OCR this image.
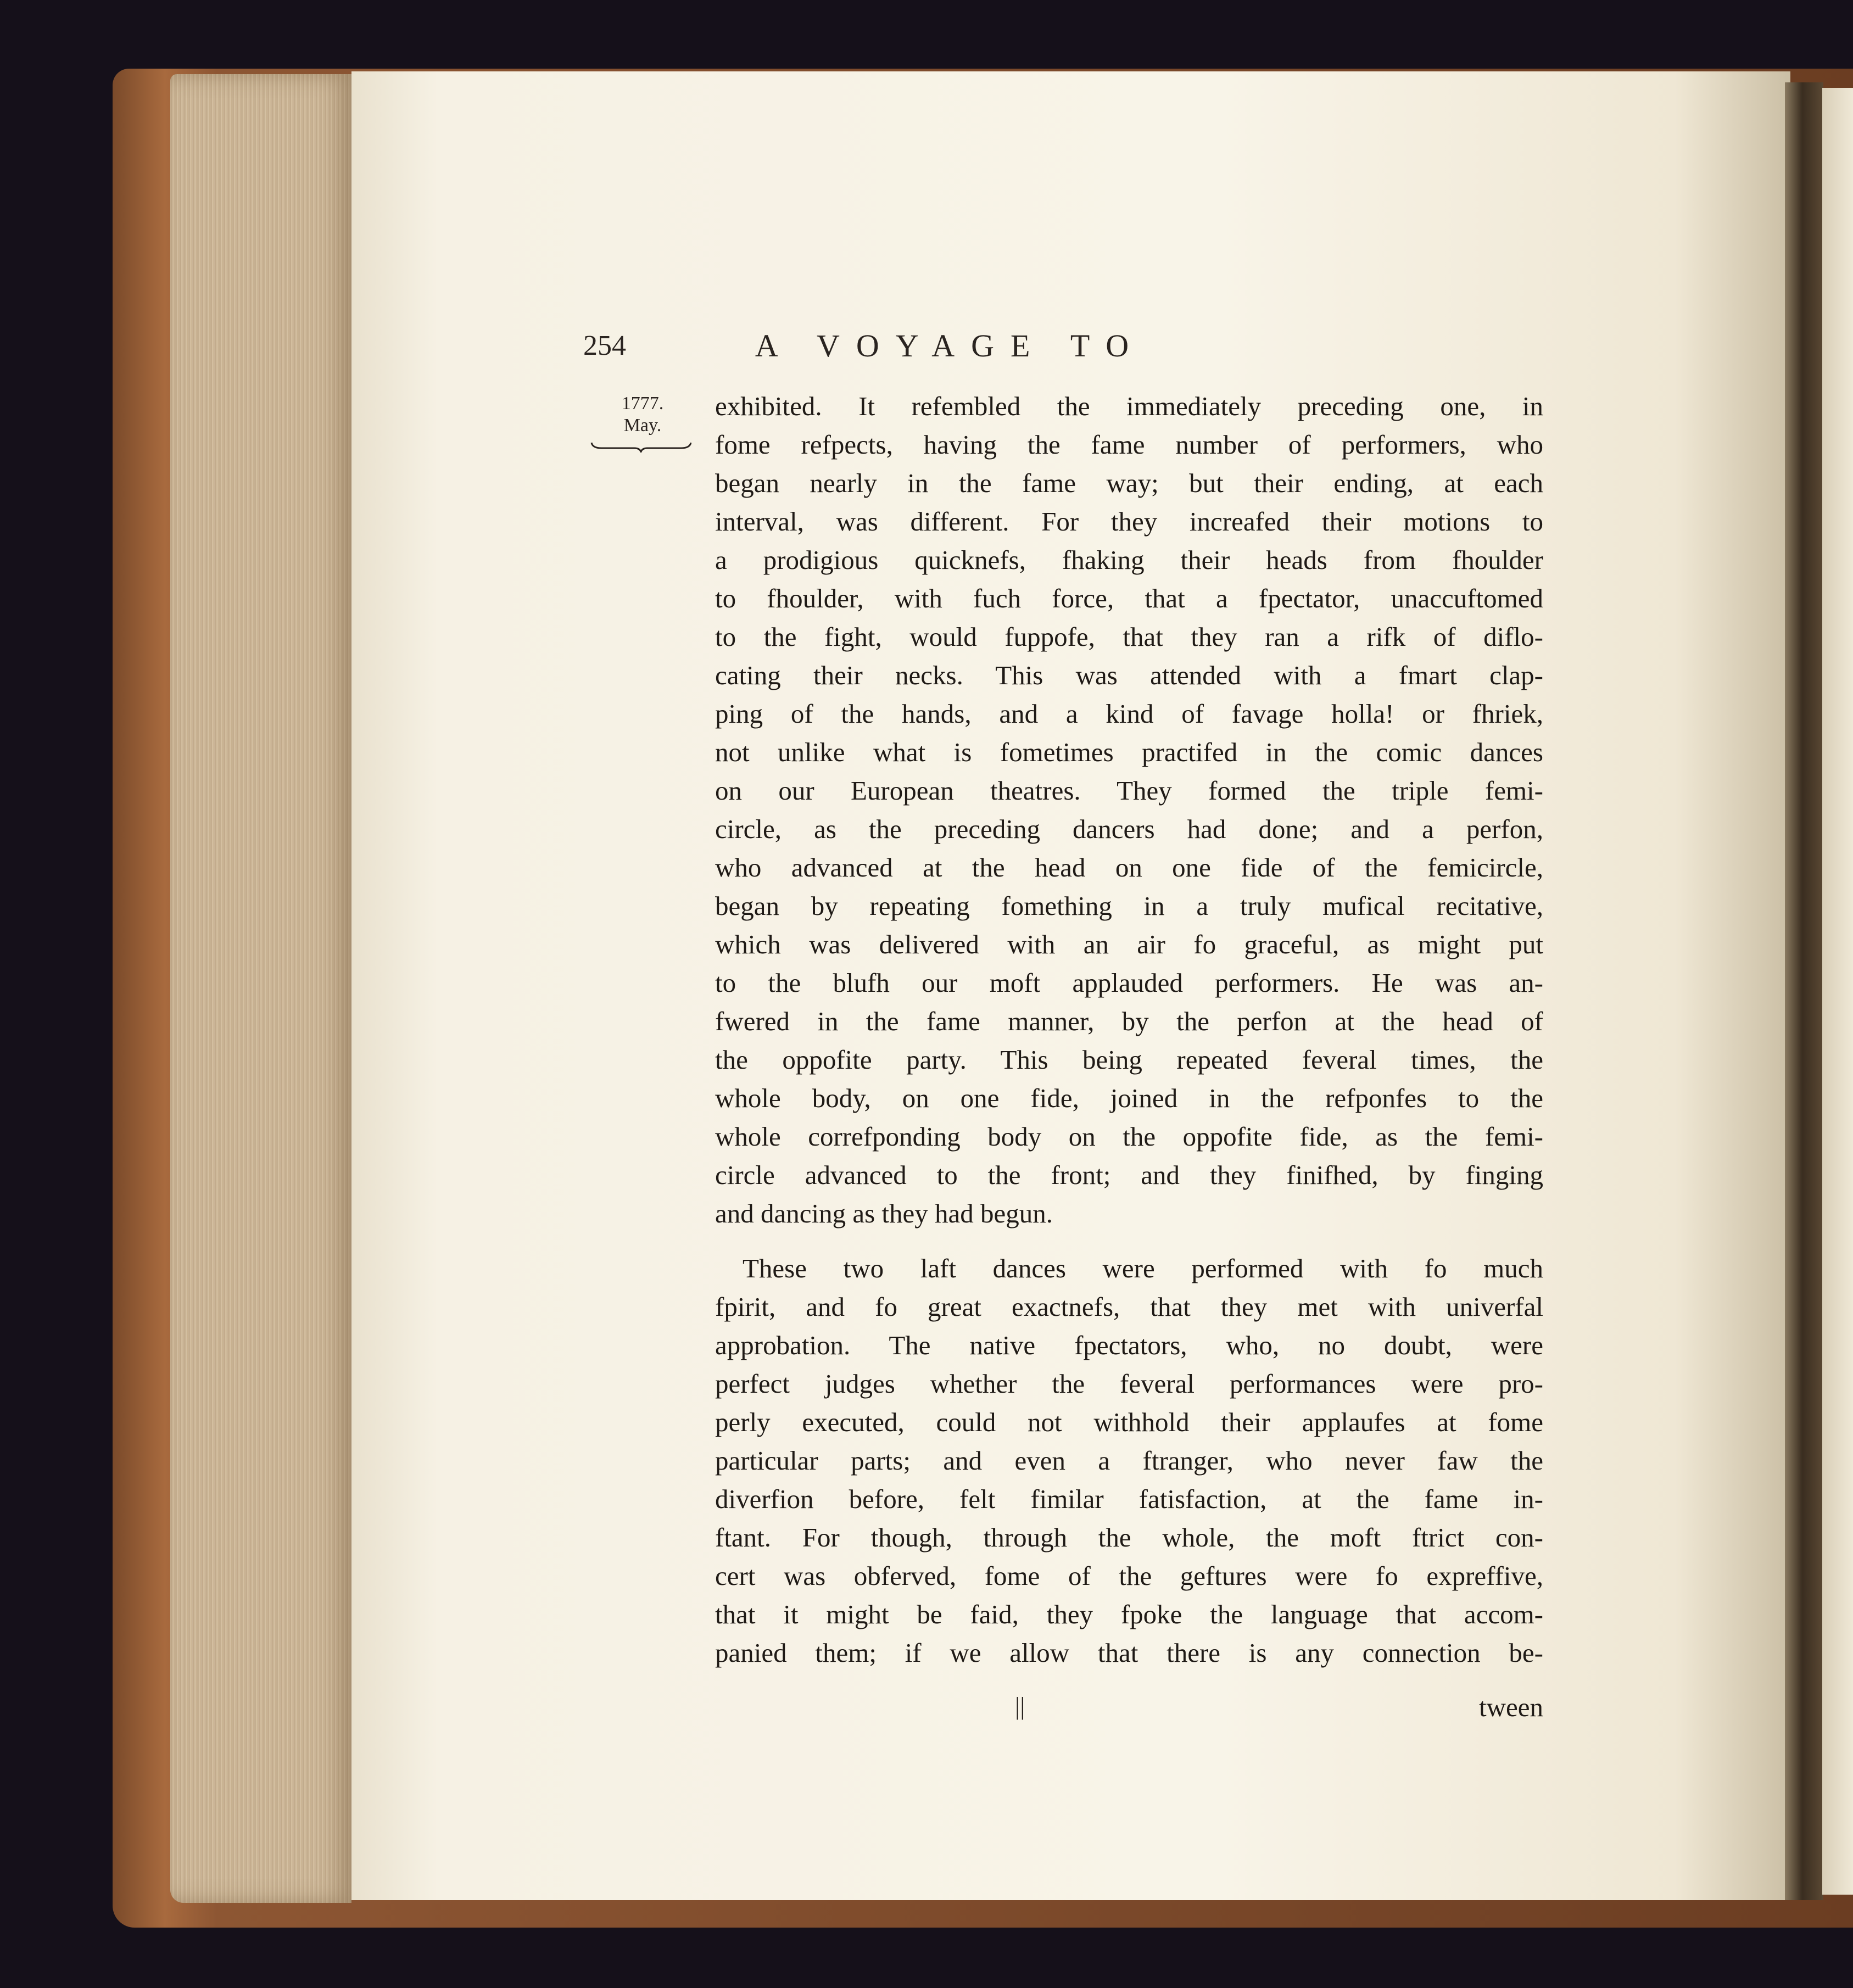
254	A VOYAGE TO
1777.
May.
exhibited. It refembled the immediately preceding one, in
fome refpects, having the fame number of performers, who
began nearly in the fame way; but their ending, at each
interval, was different. For they increafed their motions to
a prodigious quicknefs, fhaking their heads from fhoulder
to fhoulder, with fuch force, that a fpectator, unaccuftomed
to the fight, would fuppofe, that they ran a rifk of diflo-
cating their necks. This was attended with a fmart clap-
ping of the hands, and a kind of favage holla! or fhriek,
not unlike what is fometimes practifed in the comic dances
on our European theatres. They formed the triple femi-
circle, as the preceding dancers had done; and a perfon,
who advanced at the head on one fide of the femicircle,
began by repeating fomething in a truly mufical recitative,
which was delivered with an air fo graceful, as might put
to the blufh our moft applauded performers. He was an-
fwered in the fame manner, by the perfon at the head of
the oppofite party. This being repeated feveral times, the
whole body, on one fide, joined in the refponfes to the
whole correfponding body on the oppofite fide, as the femi-
circle advanced to the front; and they finifhed, by finging
and dancing as they had begun.
These two laft dances were performed with fo much
fpirit, and fo great exactnefs, that they met with univerfal
approbation. The native fpectators, who, no doubt, were
perfect judges whether the feveral performances were pro-
perly executed, could not withhold their applaufes at fome
particular parts; and even a ftranger, who never faw the
diverfion before, felt fimilar fatisfaction, at the fame in-
ftant. For though, through the whole, the moft ftrict con-
cert was obferved, fome of the geftures were fo expreffive,
that it might be faid, they fpoke the language that accom-
panied them; if we allow that there is any connection be-
||	tween
